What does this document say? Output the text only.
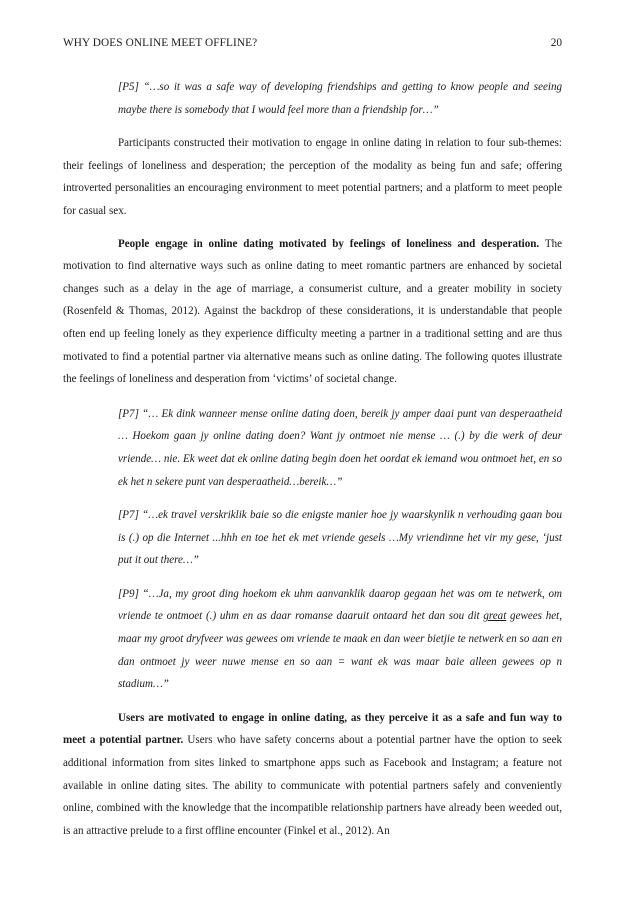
WHY DOES ONLINE MEET OFFLINE?	20

[P5] “…so it was a safe way of developing friendships and getting to know people and seeing maybe there is somebody that I would feel more than a friendship for…”

Participants constructed their motivation to engage in online dating in relation to four sub-themes: their feelings of loneliness and desperation; the perception of the modality as being fun and safe; offering introverted personalities an encouraging environment to meet potential partners; and a platform to meet people for casual sex.

People engage in online dating motivated by feelings of loneliness and desperation. The motivation to find alternative ways such as online dating to meet romantic partners are enhanced by societal changes such as a delay in the age of marriage, a consumerist culture, and a greater mobility in society (Rosenfeld & Thomas, 2012). Against the backdrop of these considerations, it is understandable that people often end up feeling lonely as they experience difficulty meeting a partner in a traditional setting and are thus motivated to find a potential partner via alternative means such as online dating. The following quotes illustrate the feelings of loneliness and desperation from ‘victims’ of societal change.

[P7] “… Ek dink wanneer mense online dating doen, bereik jy amper daai punt van desperaatheid … Hoekom gaan jy online dating doen? Want jy ontmoet nie mense … (.) by die werk of deur vriende… nie. Ek weet dat ek online dating begin doen het oordat ek iemand wou ontmoet het, en so ek het n sekere punt van desperaatheid…bereik…”

[P7] “…ek travel verskriklik baie so die enigste manier hoe jy waarskynlik n verhouding gaan bou is (.) op die Internet ...hhh en toe het ek met vriende gesels …My vriendinne het vir my gese, ‘just put it out there…”

[P9] “…Ja, my groot ding hoekom ek uhm aanvanklik daarop gegaan het was om te netwerk, om vriende te ontmoet (.) uhm en as daar romanse daaruit ontaard het dan sou dit great gewees het, maar my groot dryfveer was gewees om vriende te maak en dan weer bietjie te netwerk en so aan en dan ontmoet jy weer nuwe mense en so aan = want ek was maar baie alleen gewees op n stadium…”

Users are motivated to engage in online dating, as they perceive it as a safe and fun way to meet a potential partner. Users who have safety concerns about a potential partner have the option to seek additional information from sites linked to smartphone apps such as Facebook and Instagram; a feature not available in online dating sites. The ability to communicate with potential partners safely and conveniently online, combined with the knowledge that the incompatible relationship partners have already been weeded out, is an attractive prelude to a first offline encounter (Finkel et al., 2012). An
